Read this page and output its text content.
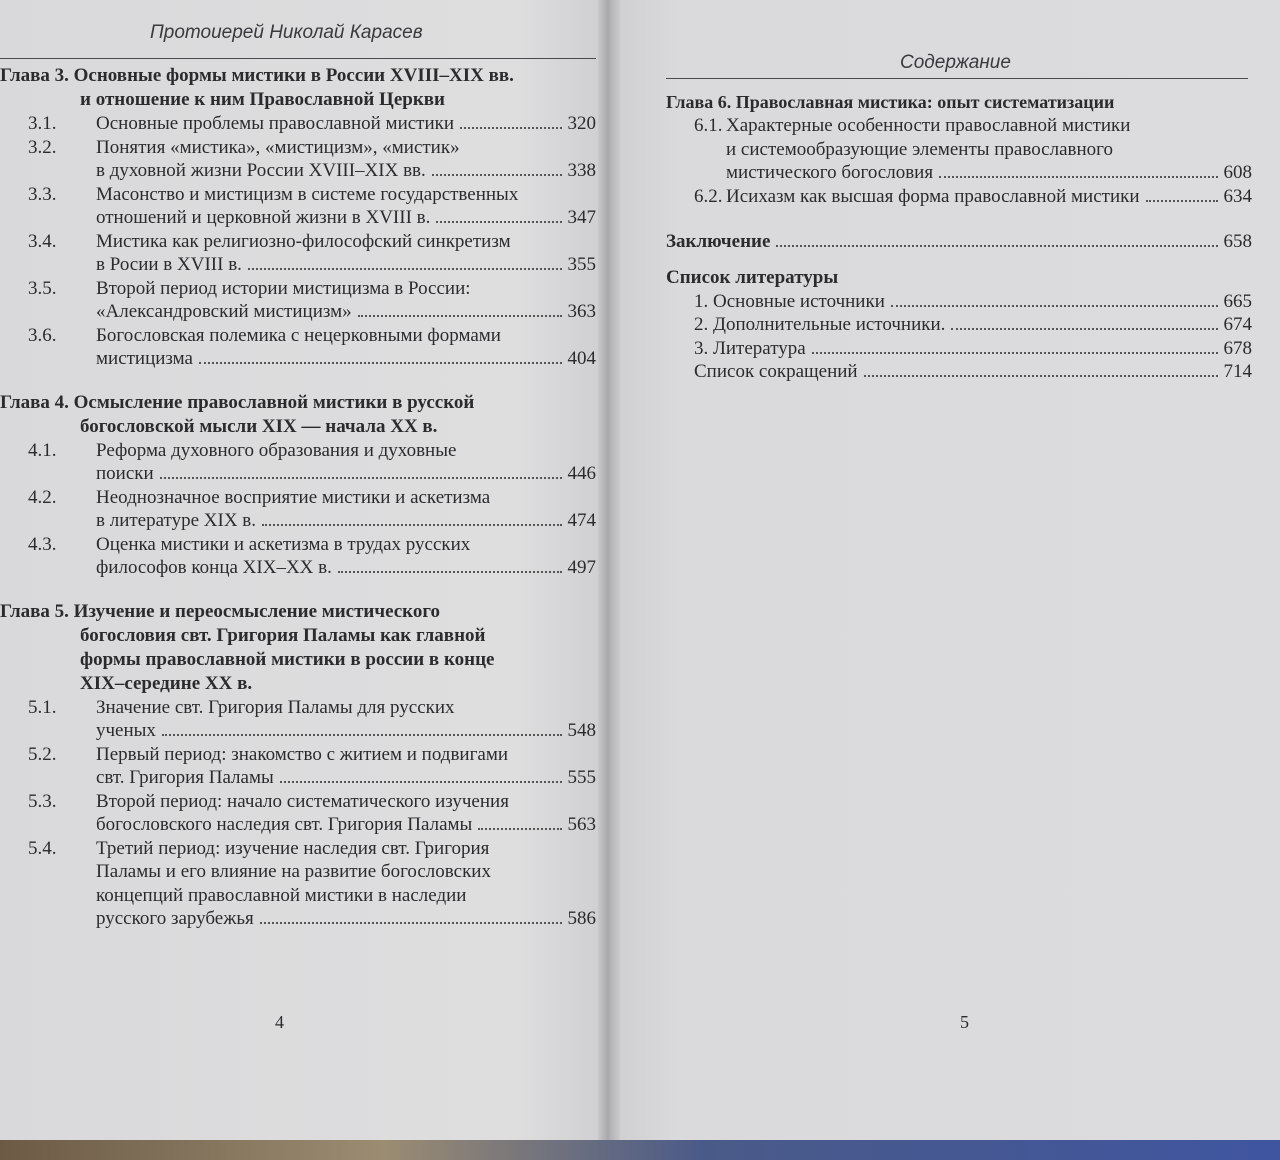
Протоиерей Николай Карасев
Глава 3. Основные формы мистики в России XVIII–XIX вв.
и отношение к ним Православной Церкви
3.1. Основные проблемы православной мистики	320
3.2. Понятия «мистика», «мистицизм», «мистик»
в духовной жизни России XVIII–XIX вв.	338
3.3. Масонство и мистицизм в системе государственных
отношений и церковной жизни в XVIII в.	347
3.4. Мистика как религиозно-философский синкретизм
в Росии в XVIII в.	355
3.5. Второй период истории мистицизма в России:
«Александровский мистицизм»	363
3.6. Богословская полемика с нецерковными формами
мистицизма	404
Глава 4. Осмысление православной мистики в русской
богословской мысли XIX — начала XX в.
4.1. Реформа духовного образования и духовные
поиски	446
4.2. Неоднозначное восприятие мистики и аскетизма
в литературе XIX в.	474
4.3. Оценка мистики и аскетизма в трудах русских
философов конца XIX–XX в.	497
Глава 5. Изучение и переосмысление мистического
богословия свт. Григория Паламы как главной
формы православной мистики в россии в конце
XIX–середине XX в.
5.1. Значение свт. Григория Паламы для русских
ученых	548
5.2. Первый период: знакомство с житием и подвигами
свт. Григория Паламы	555
5.3. Второй период: начало систематического изучения
богословского наследия свт. Григория Паламы	563
5.4. Третий период: изучение наследия свт. Григория
Паламы и его влияние на развитие богословских
концепций православной мистики в наследии
русского зарубежья	586
4
Содержание
Глава 6. Православная мистика: опыт систематизации
6.1. Характерные особенности православной мистики
и системообразующие элементы православного
мистического богословия	608
6.2. Исихазм как высшая форма православной мистики	634
Заключение	658
Список литературы
1. Основные источники	665
2. Дополнительные источники.	674
3. Литература	678
Список сокращений	714
5
